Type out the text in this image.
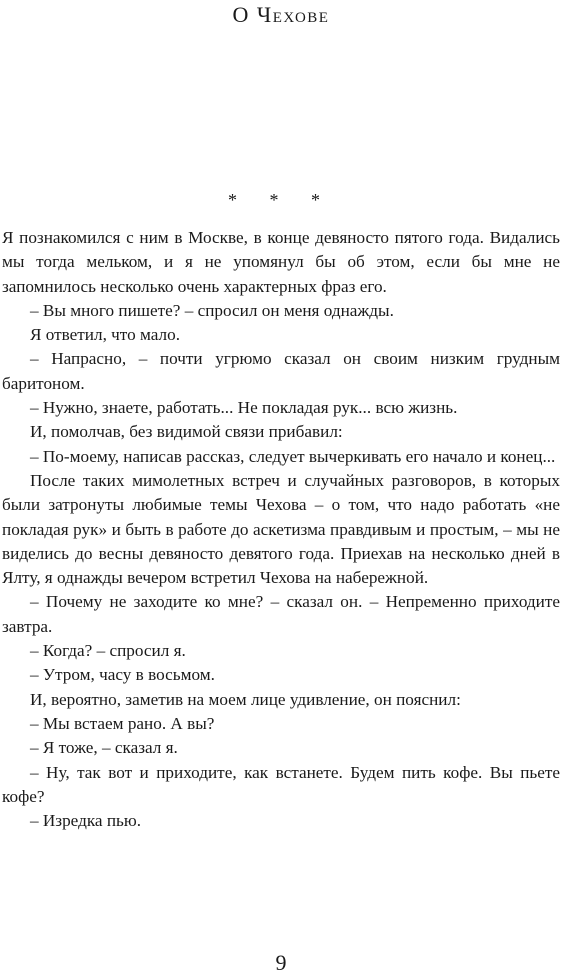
О Чехове
* * *

Я познакомился с ним в Москве, в конце девяносто пятого года. Видались мы тогда мельком, и я не упомянул бы об этом, если бы мне не запомнилось несколько очень характерных фраз его.

– Вы много пишете? – спросил он меня однажды.

Я ответил, что мало.

– Напрасно, – почти угрюмо сказал он своим низким грудным баритоном.

– Нужно, знаете, работать... Не покладая рук... всю жизнь.

И, помолчав, без видимой связи прибавил:

– По-моему, написав рассказ, следует вычеркивать его начало и конец...

После таких мимолетных встреч и случайных разговоров, в которых были затронуты любимые темы Чехова – о том, что надо работать «не покладая рук» и быть в работе до аскетизма правдивым и простым, – мы не виделись до весны девяносто девятого года. Приехав на несколько дней в Ялту, я однажды вечером встретил Чехова на набережной.

– Почему не заходите ко мне? – сказал он. – Непременно приходите завтра.

– Когда? – спросил я.

– Утром, часу в восьмом.

И, вероятно, заметив на моем лице удивление, он пояснил:

– Мы встаем рано. А вы?

– Я тоже, – сказал я.

– Ну, так вот и приходите, как встанете. Будем пить кофе. Вы пьете кофе?

– Изредка пью.

9
